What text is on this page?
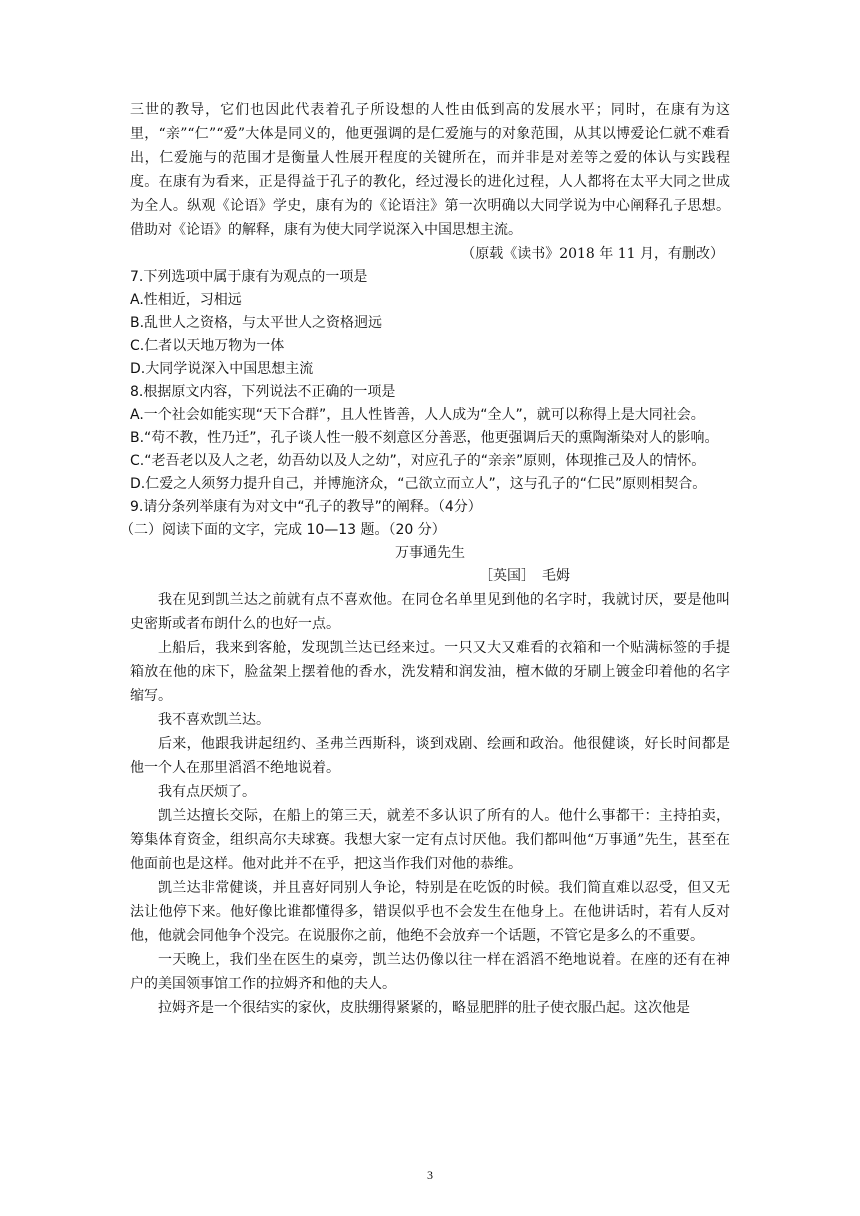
三世的教导，它们也因此代表着孔子所设想的人性由低到高的发展水平；同时，在康有为这里，“亲”“仁”“爱”大体是同义的，他更强调的是仁爱施与的对象范围，从其以博爱论仁就不难看出，仁爱施与的范围才是衡量人性展开程度的关键所在，而并非是对差等之爱的体认与实践程度。在康有为看来，正是得益于孔子的教化，经过漫长的进化过程，人人都将在太平大同之世成为全人。纵观《论语》学史，康有为的《论语注》第一次明确以大同学说为中心阐释孔子思想。借助对《论语》的解释，康有为使大同学说深入中国思想主流。

（原载《读书》2018 年 11 月，有删改）

7.下列选项中属于康有为观点的一项是

A.性相近，习相远

B.乱世人之资格，与太平世人之资格迥远

C.仁者以天地万物为一体

D.大同学说深入中国思想主流

8.根据原文内容，下列说法不正确的一项是

A.一个社会如能实现“天下合群”，且人性皆善，人人成为“全人”，就可以称得上是大同社会。

B.“苟不教，性乃迁”，孔子谈人性一般不刻意区分善恶，他更强调后天的熏陶渐染对人的影响。

C.“老吾老以及人之老，幼吾幼以及人之幼”，对应孔子的“亲亲”原则，体现推己及人的情怀。

D.仁爱之人须努力提升自己，并博施济众，“己欲立而立人”，这与孔子的“仁民”原则相契合。

9.请分条列举康有为对文中“孔子的教导”的阐释。（4分）

（二）阅读下面的文字，完成 10—13 题。（20 分）

万事通先生

［英国］　毛姆

我在见到凯兰达之前就有点不喜欢他。在同仓名单里见到他的名字时，我就讨厌，要是他叫史密斯或者布朗什么的也好一点。

上船后，我来到客舱，发现凯兰达已经来过。一只又大又难看的衣箱和一个贴满标签的手提箱放在他的床下，脸盆架上摆着他的香水，洗发精和润发油，檀木做的牙刷上镀金印着他的名字缩写。

我不喜欢凯兰达。

后来，他跟我讲起纽约、圣弗兰西斯科，谈到戏剧、绘画和政治。他很健谈，好长时间都是他一个人在那里滔滔不绝地说着。

我有点厌烦了。

凯兰达擅长交际，在船上的第三天，就差不多认识了所有的人。他什么事都干：主持拍卖，筹集体育资金，组织高尔夫球赛。我想大家一定有点讨厌他。我们都叫他“万事通”先生，甚至在他面前也是这样。他对此并不在乎，把这当作我们对他的恭维。

凯兰达非常健谈，并且喜好同别人争论，特别是在吃饭的时候。我们简直难以忍受，但又无法让他停下来。他好像比谁都懂得多，错误似乎也不会发生在他身上。在他讲话时，若有人反对他，他就会同他争个没完。在说服你之前，他绝不会放弃一个话题，不管它是多么的不重要。

一天晚上，我们坐在医生的桌旁，凯兰达仍像以往一样在滔滔不绝地说着。在座的还有在神户的美国领事馆工作的拉姆齐和他的夫人。

拉姆齐是一个很结实的家伙，皮肤绷得紧紧的，略显肥胖的肚子使衣服凸起。这次他是

3
